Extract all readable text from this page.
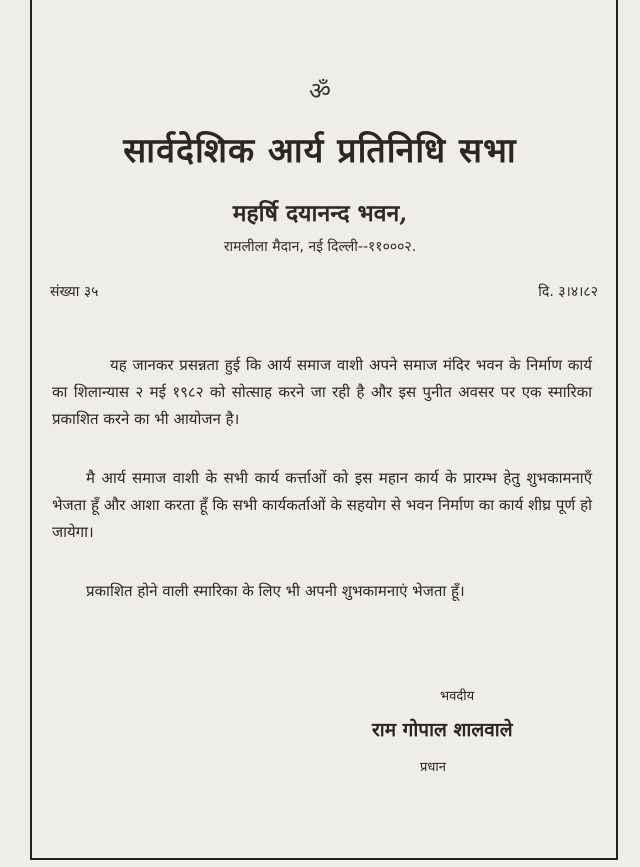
ॐ
सार्वदेशिक आर्य प्रतिनिधि सभा
महर्षि दयानन्द भवन,
रामलीला मैदान, नई दिल्ली--११०००२.
संख्या ३५	दि. ३।४।८२

यह जानकर प्रसन्नता हुई कि आर्य समाज वाशी अपने समाज मंदिर भवन के निर्माण कार्य का शिलान्यास २ मई १९८२ को सोत्साह करने जा रही है और इस पुनीत अवसर पर एक स्मारिका प्रकाशित करने का भी आयोजन है।

मै आर्य समाज वाशी के सभी कार्य कर्त्ताओं को इस महान कार्य के प्रारम्भ हेतु शुभकामनाएँ भेजता हूँ और आशा करता हूँ कि सभी कार्यकर्ताओं के सहयोग से भवन निर्माण का कार्य शीघ्र पूर्ण हो जायेगा।

प्रकाशित होने वाली स्मारिका के लिए भी अपनी शुभकामनाएं भेजता हूँ।

भवदीय
राम गोपाल शालवाले
प्रधान
